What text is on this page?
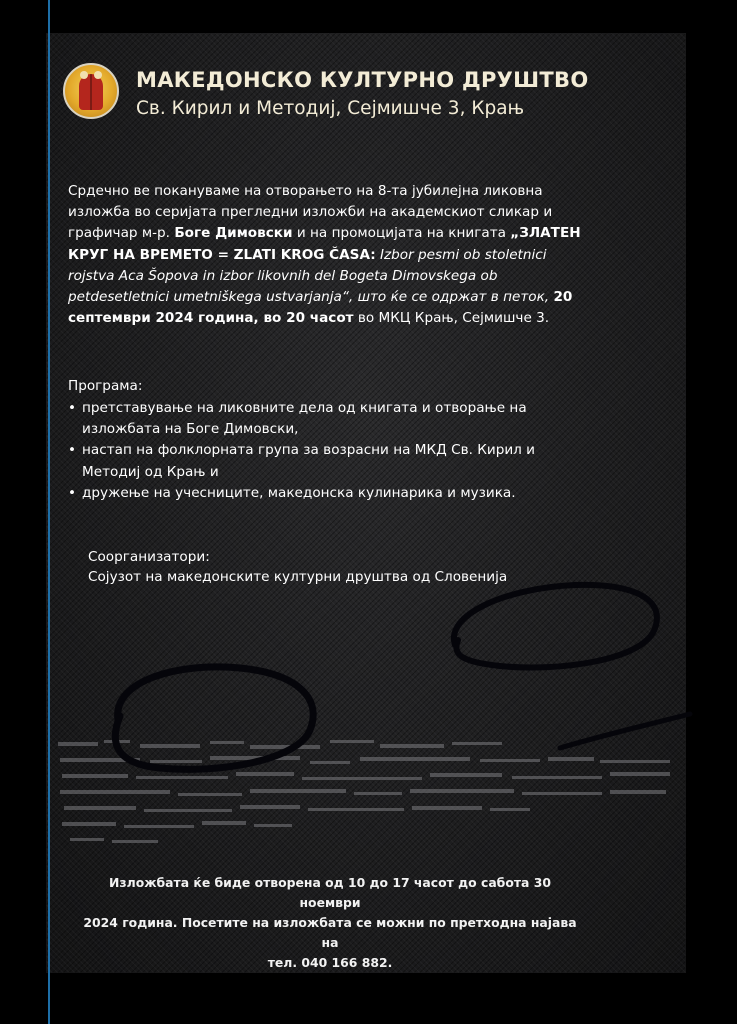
МАКЕДОНСКО КУЛТУРНО ДРУШТВО
Св. Кирил и Методиј, Сејмишче 3, Крањ
Срдечно ве покануваме на отворањето на 8-та јубилејна ликовна изложба во серијата прегледни изложби на академскиот сликар и графичар м-р. Боге Димовски и на промоцијата на книгата „ЗЛАТЕН КРУГ НА ВРЕМЕТО = ZLATI KROG ČASA: Izbor pesmi ob stoletnici rojstva Aca Šopova in izbor likovnih del Bogeta Dimovskega ob petdesetletnici umetniškega ustvarjanja“, што ќе се одржат в петок, 20 септември 2024 година, во 20 часот во МКЦ Крањ, Сејмишче 3.
Програма:
• претставување на ликовните дела од книгата и отворање на
изложбата на Боге Димовски,
• настап на фолклорната група за возрасни на МКД Св. Кирил и
Методиј од Крањ и
• дружење на учесниците, македонска кулинарика и музика.
Соорганизатори:
Сојузот на македонските културни друштва од Словенија
Изложбата ќе биде отворена од 10 до 17 часот до сабота 30 ноември
2024 година. Посетите на изложбата се можни по претходна најава на
тел. 040 166 882.
